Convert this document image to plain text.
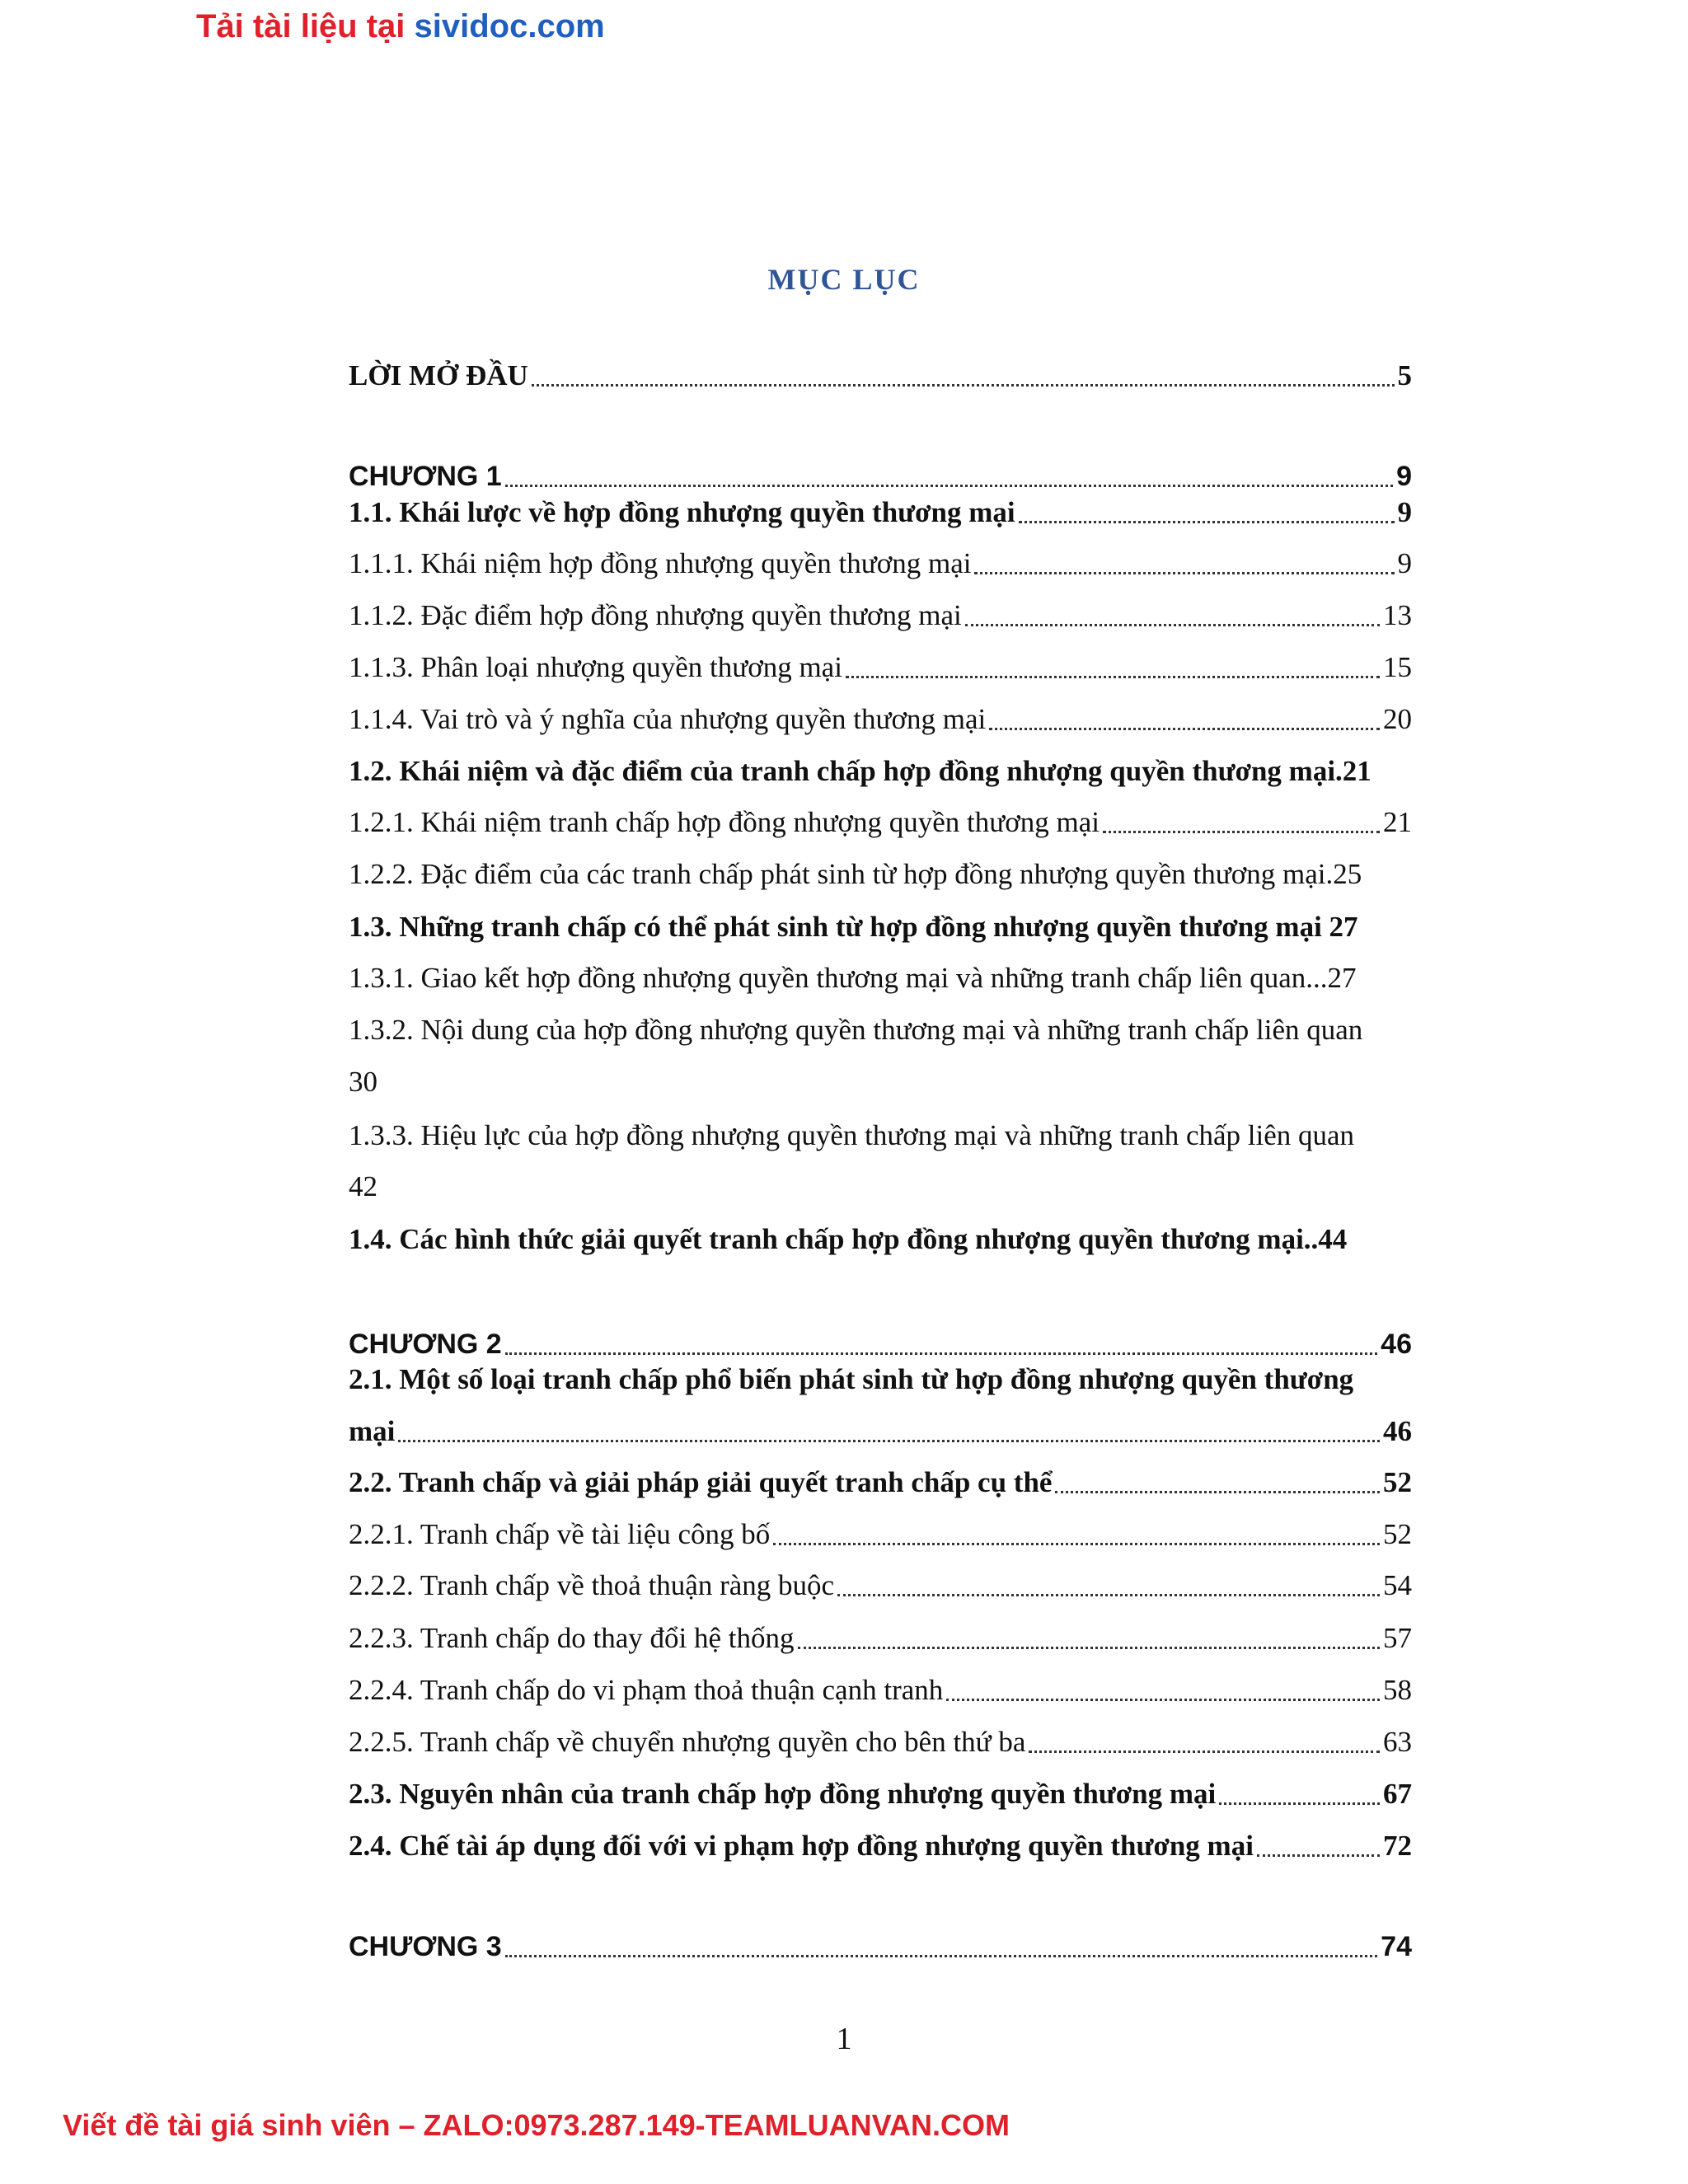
Tải tài liệu tại sividoc.com
MỤC LỤC
LỜI MỞ ĐẦU	5
CHƯƠNG 1	9
1.1. Khái lược về hợp đồng nhượng quyền thương mại	9
1.1.1. Khái niệm hợp đồng nhượng quyền thương mại	9
1.1.2. Đặc điểm hợp đồng nhượng quyền thương mại	13
1.1.3. Phân loại nhượng quyền thương mại	15
1.1.4. Vai trò và ý nghĩa của nhượng quyền thương mại	20
1.2. Khái niệm và đặc điểm của tranh chấp hợp đồng nhượng quyền thương mại.21
1.2.1. Khái niệm tranh chấp hợp đồng nhượng quyền thương mại	21
1.2.2. Đặc điểm của các tranh chấp phát sinh từ hợp đồng nhượng quyền thương mại.25
1.3. Những tranh chấp có thể phát sinh từ hợp đồng nhượng quyền thương mại 27
1.3.1. Giao kết hợp đồng nhượng quyền thương mại và những tranh chấp liên quan...27
1.3.2. Nội dung của hợp đồng nhượng quyền thương mại và những tranh chấp liên quan
30
1.3.3. Hiệu lực của hợp đồng nhượng quyền thương mại và những tranh chấp liên quan
42
1.4. Các hình thức giải quyết tranh chấp hợp đồng nhượng quyền thương mại..44
CHƯƠNG 2	46
2.1. Một số loại tranh chấp phổ biến phát sinh từ hợp đồng nhượng quyền thương
mại	46
2.2. Tranh chấp và giải pháp giải quyết tranh chấp cụ thể	52
2.2.1. Tranh chấp về tài liệu công bố	52
2.2.2. Tranh chấp về thoả thuận ràng buộc	54
2.2.3. Tranh chấp do thay đổi hệ thống	57
2.2.4. Tranh chấp do vi phạm thoả thuận cạnh tranh	58
2.2.5. Tranh chấp về chuyển nhượng quyền cho bên thứ ba	63
2.3. Nguyên nhân của tranh chấp hợp đồng nhượng quyền thương mại	67
2.4. Chế tài áp dụng đối với vi phạm hợp đồng nhượng quyền thương mại	72
CHƯƠNG 3	74
1
Viết đề tài giá sinh viên – ZALO:0973.287.149-TEAMLUANVAN.COM
